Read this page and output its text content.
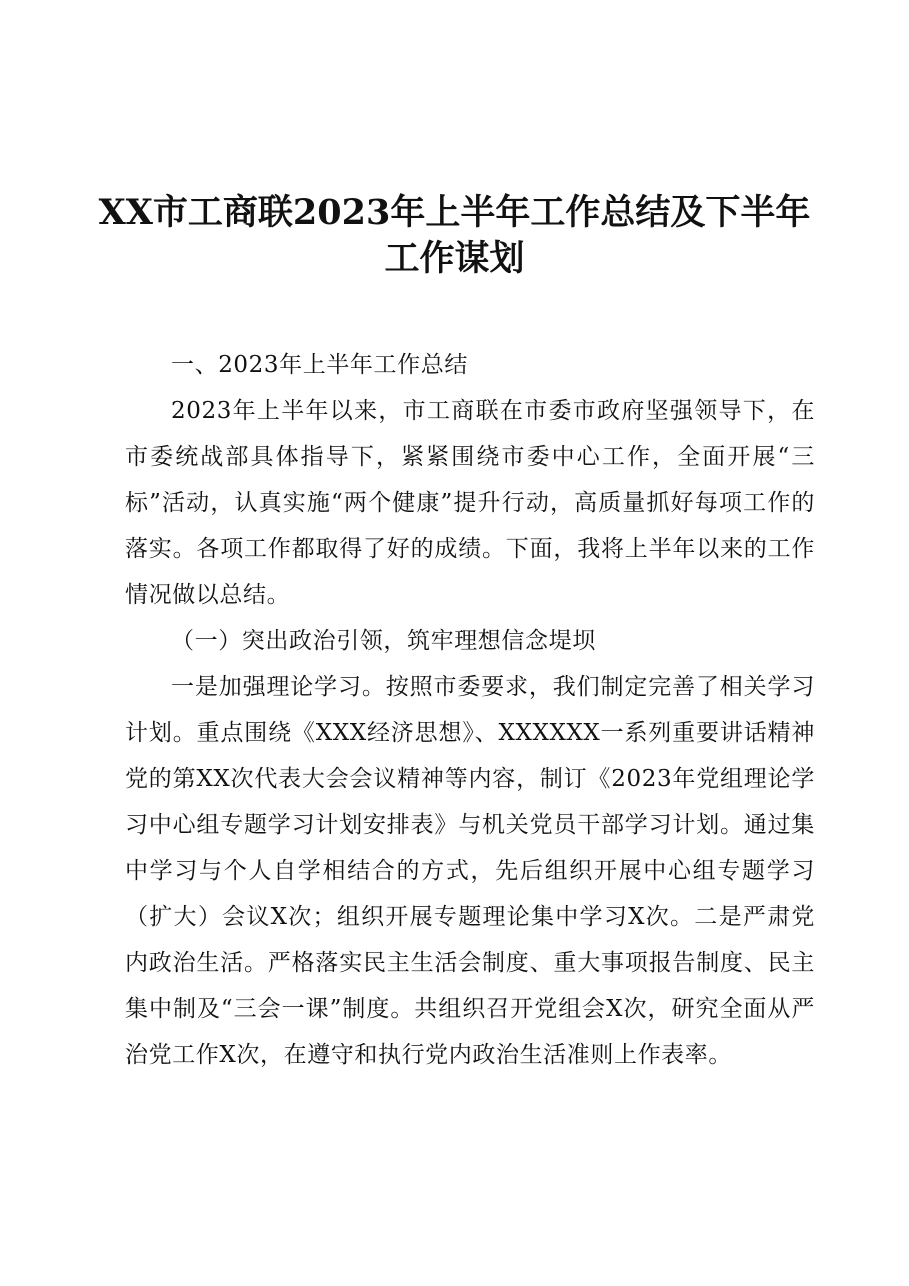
XX市工商联2023年上半年工作总结及下半年工作谋划

一、2023年上半年工作总结

2023年上半年以来，市工商联在市委市政府坚强领导下，在市委统战部具体指导下，紧紧围绕市委中心工作，全面开展“三标”活动，认真实施“两个健康”提升行动，高质量抓好每项工作的落实。各项工作都取得了好的成绩。下面，我将上半年以来的工作情况做以总结。

（一）突出政治引领，筑牢理想信念堤坝

一是加强理论学习。按照市委要求，我们制定完善了相关学习计划。重点围绕《XXX经济思想》、XXXXXX一系列重要讲话精神党的第XX次代表大会会议精神等内容，制订《2023年党组理论学习中心组专题学习计划安排表》与机关党员干部学习计划。通过集中学习与个人自学相结合的方式，先后组织开展中心组专题学习（扩大）会议X次；组织开展专题理论集中学习X次。二是严肃党内政治生活。严格落实民主生活会制度、重大事项报告制度、民主集中制及“三会一课”制度。共组织召开党组会X次，研究全面从严治党工作X次，在遵守和执行党内政治生活准则上作表率。
